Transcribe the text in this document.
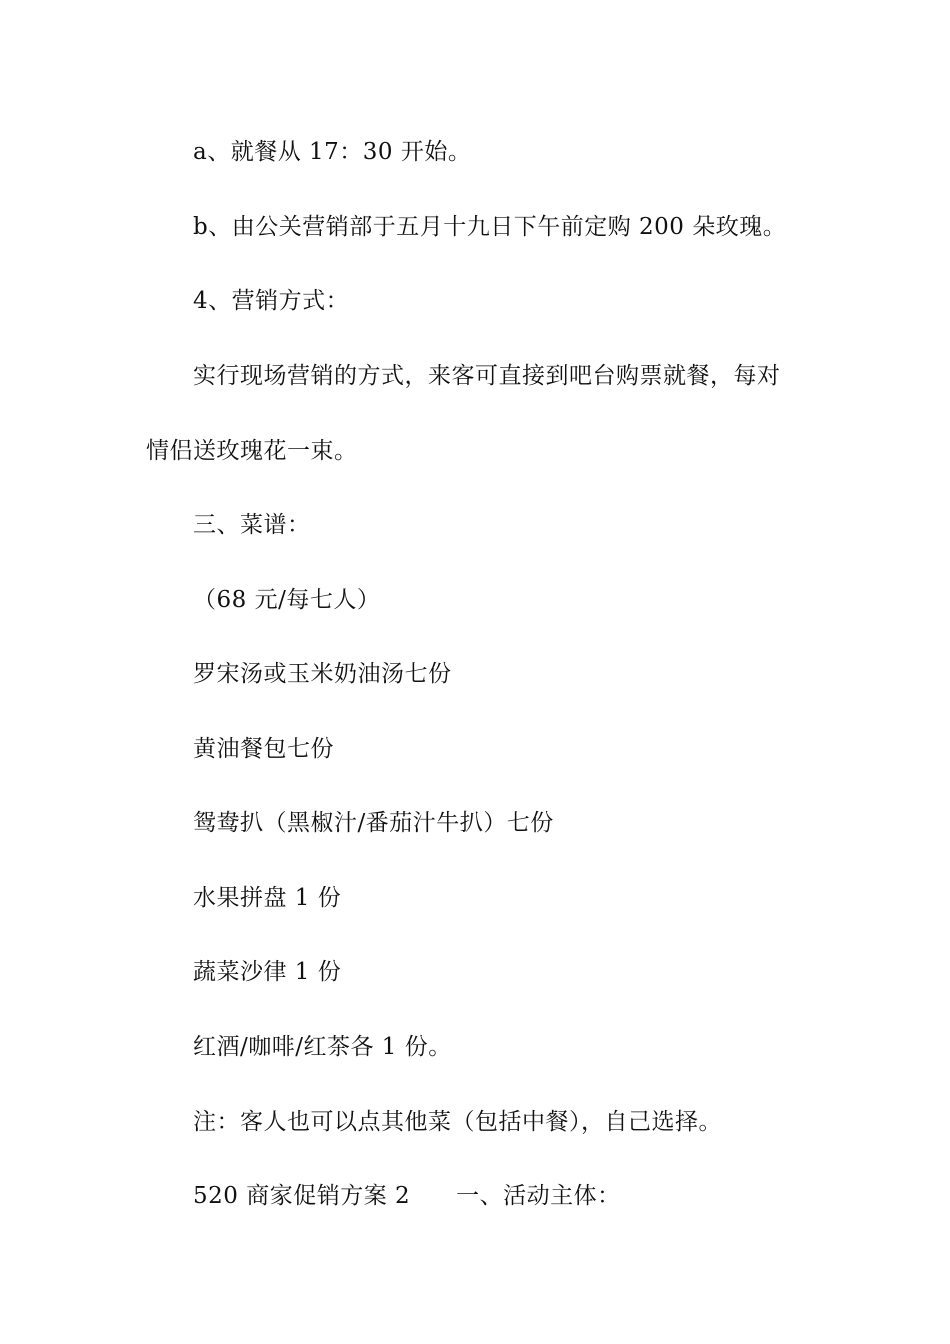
a、就餐从 17：30 开始。
b、由公关营销部于五月十九日下午前定购 200 朵玫瑰。
4、营销方式：
实行现场营销的方式，来客可直接到吧台购票就餐，每对
情侣送玫瑰花一束。
三、菜谱：
（68 元/每七人）
罗宋汤或玉米奶油汤七份
黄油餐包七份
鸳鸯扒（黑椒汁/番茄汁牛扒）七份
水果拼盘 1 份
蔬菜沙律 1 份
红酒/咖啡/红茶各 1 份。
注：客人也可以点其他菜（包括中餐），自己选择。
520 商家促销方案 2 一、活动主体：
